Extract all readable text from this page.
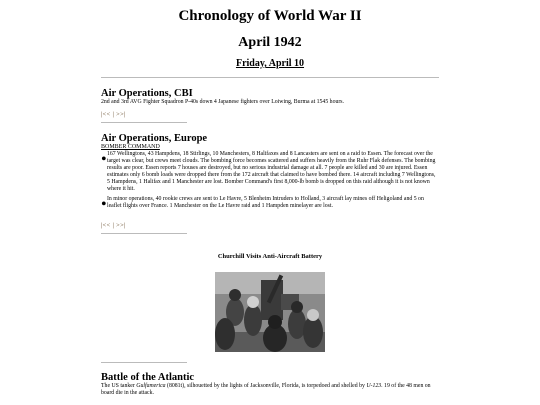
Chronology of World War II
April 1942
Friday, April 10
Air Operations, CBI

2nd and 3rd AVG Fighter Squadron P-40s down 4 Japanese fighters over Loiwing, Burma at 1545 hours.

|<< | >>|
Air Operations, Europe

BOMBER COMMAND

• 167 Wellingtons, 43 Hampdens, 18 Stirlings, 10 Manchesters, 8 Halifaxes and 8 Lancasters are sent on a raid to Essen. The forecast over the target was clear, but crews meet clouds. The bombing force becomes scattered and suffers heavily from the Ruhr Flak defenses. The bombing results are poor. Essen reports 7 houses are destroyed, but no serious industrial damage at all. 7 people are killed and 30 are injured. Essen estimates only 6 bomb loads were dropped there from the 172 aircraft that claimed to have bombed there. 14 aircraft including 7 Wellingtons, 5 Hampdens, 1 Halifax and 1 Manchester are lost. Bomber Command's first 8,000-lb bomb is dropped on this raid although it is not known where it hit.

• In minor operations, 40 rookie crews are sent to Le Havre, 5 Blenheim Intruders to Holland, 3 aircraft lay mines off Heligoland and 5 on leaflet flights over France. 1 Manchester on the Le Havre raid and 1 Hampden minelayer are lost.

|<< | >>|
Churchill Visits Anti-Aircraft Battery
Battle of the Atlantic

The US tanker Gulfamerica (8081t), silhouetted by the lights of Jacksonville, Florida, is torpedoed and shelled by U-123. 19 of the 48 men on board die in the attack.
